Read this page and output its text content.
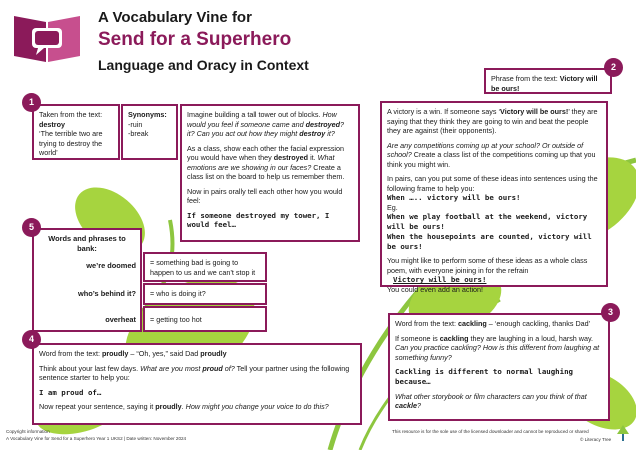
A Vocabulary Vine for
Send for a Superhero
Language and Oracy in Context
1
Taken from the text:
destroy
‘The terrible two are trying to destroy the world’
Synonyms:
-ruin
-break

Imagine building a tall tower out of blocks. How would you feel if someone came and destroyed? it? Can you act out how they might destroy it?

As a class, show each other the facial expression you would have when they destroyed it. What emotions are we showing in our faces? Create a class list on the board to help us remember them.

Now in pairs orally tell each other how you would feel:

If someone destroyed my tower, I would feel…

2
Phrase from the text: Victory will be ours!

A victory is a win. If someone says ‘Victory will be ours!’ they are saying that they think they are going to win and beat the people they are against (their opponents).

Are any competitions coming up at your school? Or outside of school? Create a class list of the competitions coming up that you think you might win.

In pairs, can you put some of these ideas into sentences using the following frame to help you:
When ….. victory will be ours!
Eg.
When we play football at the weekend, victory will be ours!
When the housepoints are counted, victory will be ours!
You might like to perform some of these ideas as a whole class poem, with everyone joining in for the refrain
Victory will be ours!
You could even add an action!
5
Words and phrases to bank:
we’re doomed
who’s behind it?
overheat
= something bad is going to happen to us and we can’t stop it
= who is doing it?
= getting too hot
4

Word from the text: proudly – “Oh, yes,” said Dad proudly

Think about your last few days. What are you most proud of? Tell your partner using the following sentence starter to help you:

I am proud of…

Now repeat your sentence, saying it proudly. How might you change your voice to do this?

3

Word from the text: cackling – ‘enough cackling, thanks Dad’

If someone is cackling they are laughing in a loud, harsh way. Can you practice cackling? How is this different from laughing at something funny?

Cackling is different to normal laughing because…

What other storybook or film characters can you think of that cackle?

Copyright information
A Vocabulary Vine for Send for a Superhero Year 1 UKS2 | Date written: November 2024
This resource is for the sole use of the licensed downloader and cannot be reproduced or shared
© Literacy Tree
